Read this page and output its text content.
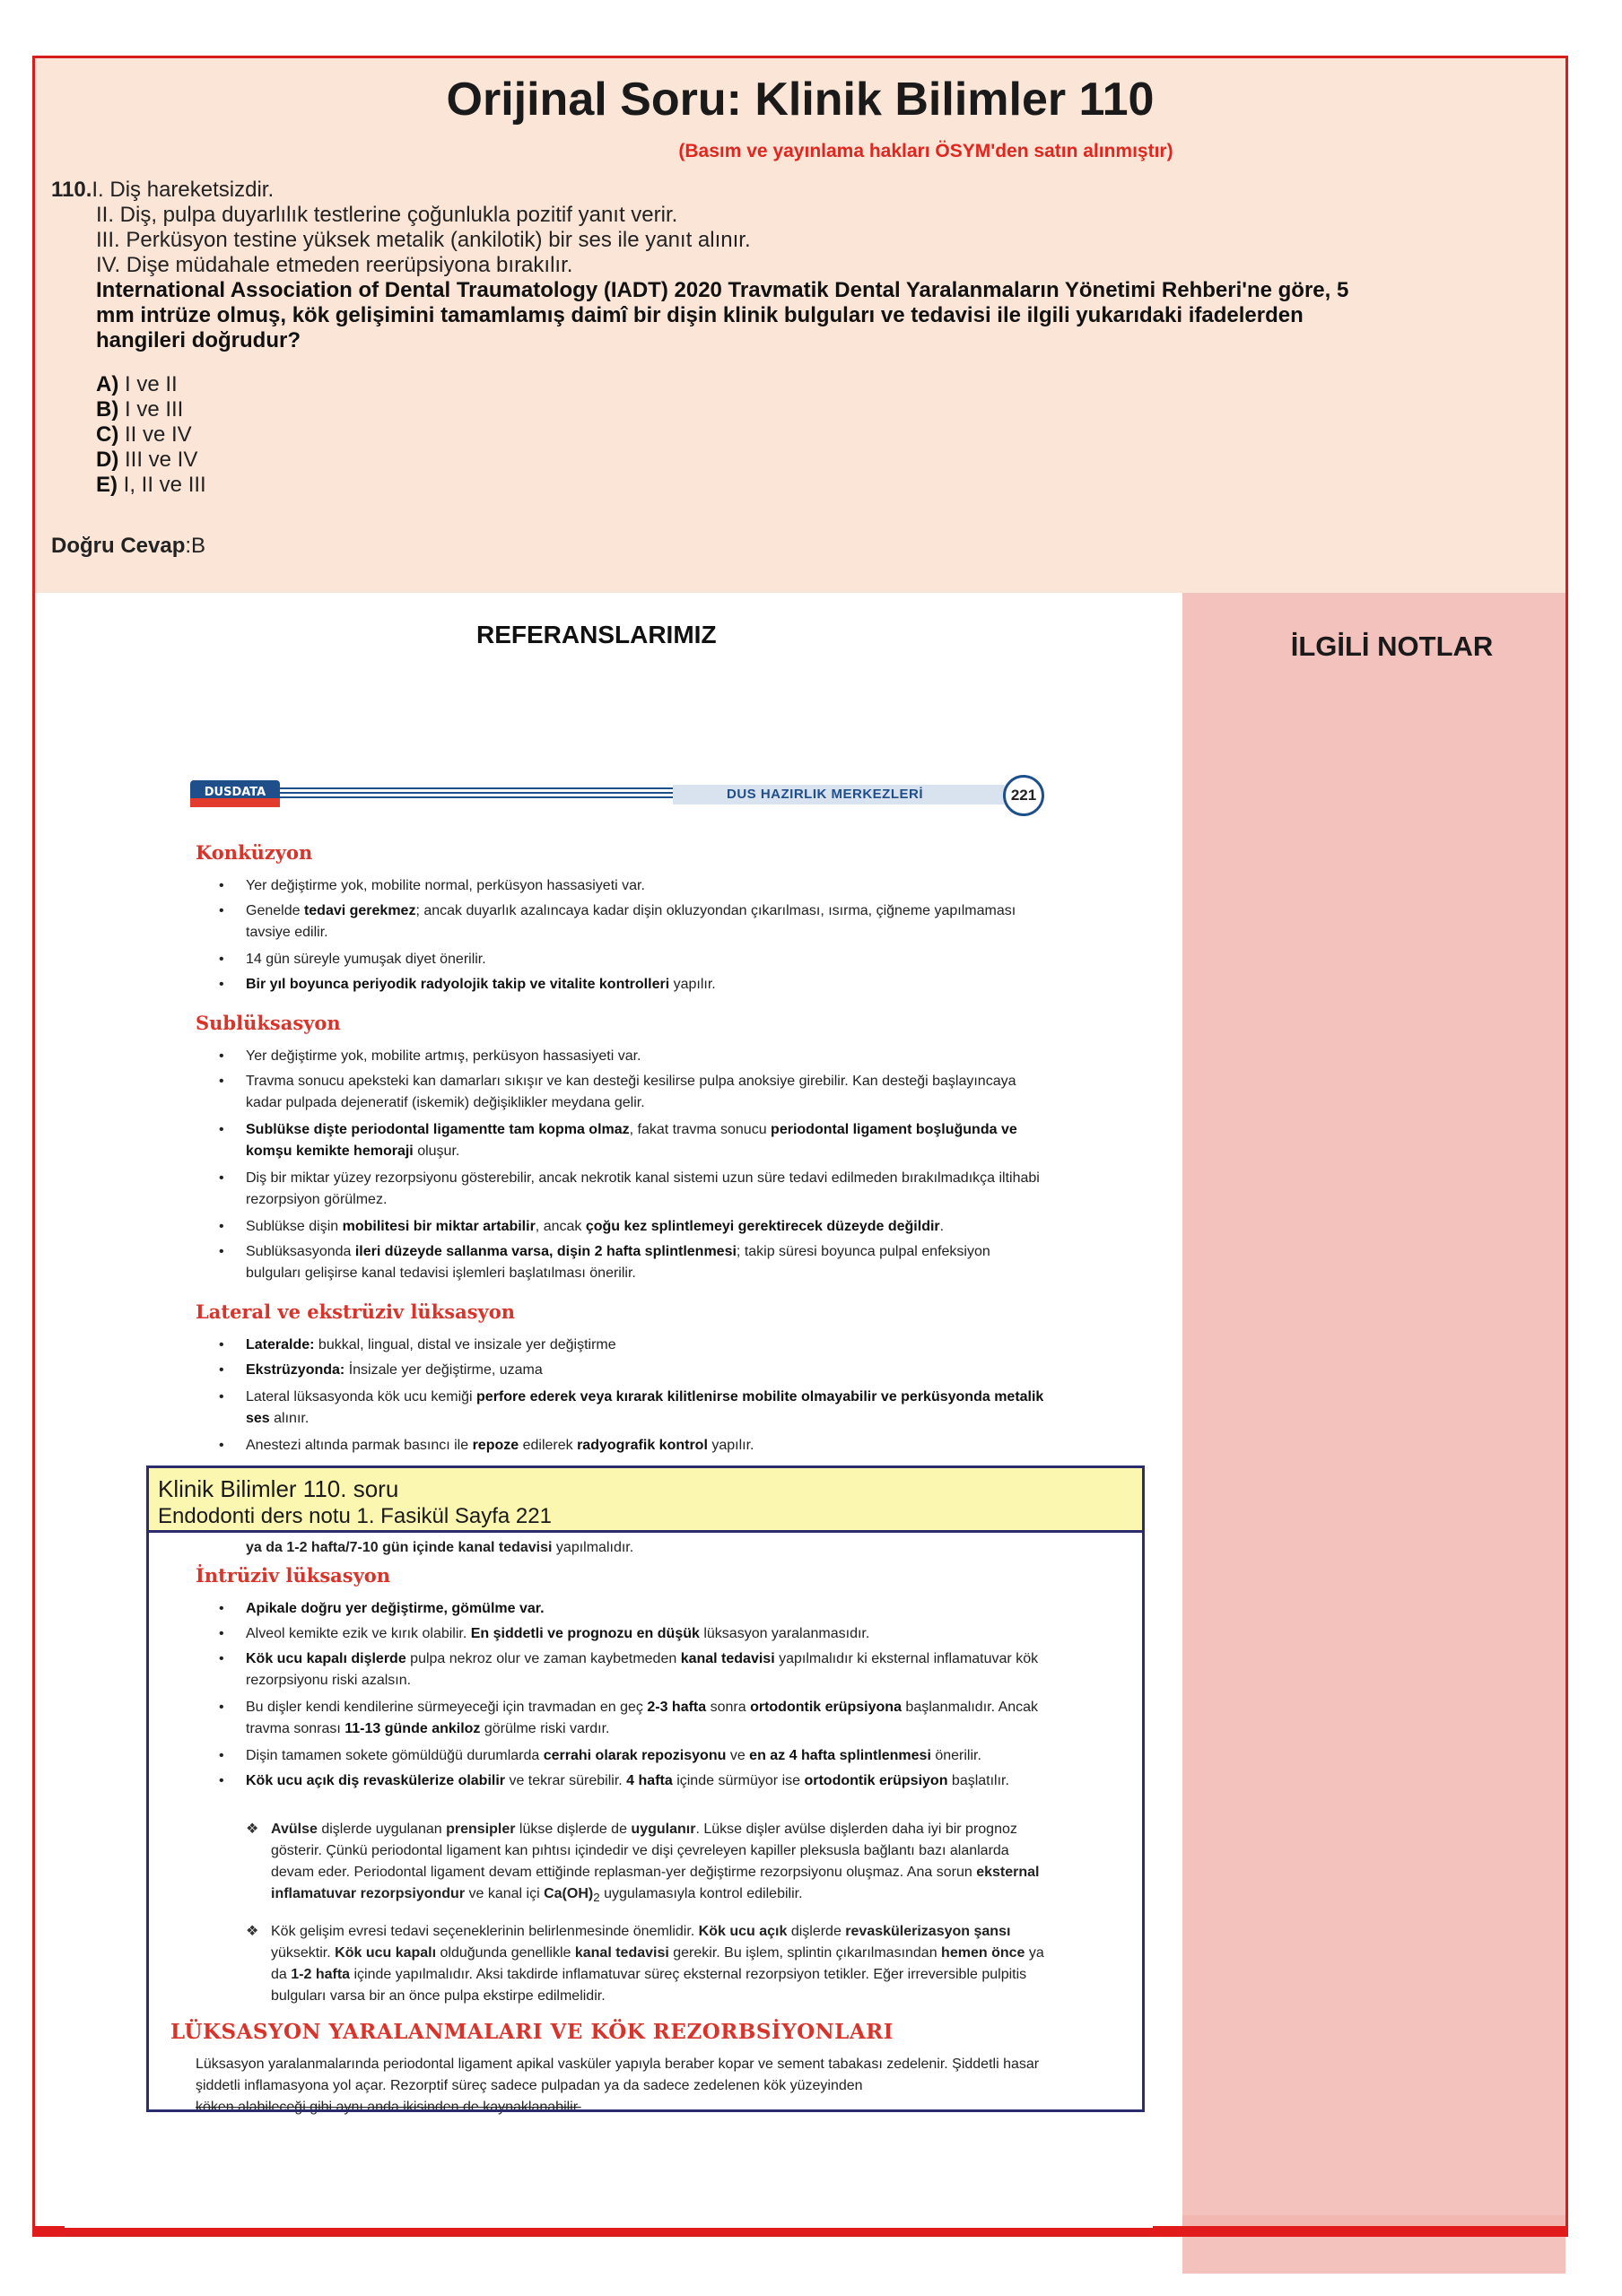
Orijinal Soru: Klinik Bilimler 110
(Basım ve yayınlama hakları ÖSYM'den satın alınmıştır)
110.I. Diş hareketsizdir.
II. Diş, pulpa duyarlılık testlerine çoğunlukla pozitif yanıt verir.
III. Perküsyon testine yüksek metalik (ankilotik) bir ses ile yanıt alınır.
IV. Dişe müdahale etmeden reerüpsiyona bırakılır.
International Association of Dental Traumatology (IADT) 2020 Travmatik Dental Yaralanmaların Yönetimi Rehberi'ne göre, 5
mm intrüze olmuş, kök gelişimini tamamlamış daimî bir dişin klinik bulguları ve tedavisi ile ilgili yukarıdaki ifadelerden
hangileri doğrudur?
A) I ve II
B) I ve III
C) II ve IV
D) III ve IV
E) I, II ve III
Doğru Cevap:B
REFERANSLARIMIZ	İLGİLİ NOTLAR
DUSDATA	DUS HAZIRLIK MERKEZLERİ	221
Konküzyon
• Yer değiştirme yok, mobilite normal, perküsyon hassasiyeti var.
• Genelde tedavi gerekmez; ancak duyarlık azalıncaya kadar dişin okluzyondan çıkarılması, ısırma, çiğneme yapılmaması tavsiye edilir.
• 14 gün süreyle yumuşak diyet önerilir.
• Bir yıl boyunca periyodik radyolojik takip ve vitalite kontrolleri yapılır.
Sublüksasyon
• Yer değiştirme yok, mobilite artmış, perküsyon hassasiyeti var.
• Travma sonucu apeksteki kan damarları sıkışır ve kan desteği kesilirse pulpa anoksiye girebilir. Kan desteği başlayıncaya kadar pulpada dejeneratif (iskemik) değişiklikler meydana gelir.
• Sublükse dişte periodontal ligamentte tam kopma olmaz, fakat travma sonucu periodontal ligament boşluğunda ve komşu kemikte hemoraji oluşur.
• Diş bir miktar yüzey rezorpsiyonu gösterebilir, ancak nekrotik kanal sistemi uzun süre tedavi edilmeden bırakılmadıkça iltihabi rezorpsiyon görülmez.
• Sublükse dişin mobilitesi bir miktar artabilir, ancak çoğu kez splintlemeyi gerektirecek düzeyde değildir.
• Sublüksasyonda ileri düzeyde sallanma varsa, dişin 2 hafta splintlenmesi; takip süresi boyunca pulpal enfeksiyon bulguları gelişirse kanal tedavisi işlemleri başlatılması önerilir.
Lateral ve ekstrüziv lüksasyon
• Lateralde: bukkal, lingual, distal ve insizale yer değiştirme
• Ekstrüzyonda: İnsizale yer değiştirme, uzama
• Lateral lüksasyonda kök ucu kemiği perfore ederek veya kırarak kilitlenirse mobilite olmayabilir ve perküsyonda metalik ses alınır.
• Anestezi altında parmak basıncı ile repoze edilerek radyografik kontrol yapılır.
ya da 1-2 hafta/7-10 gün içinde kanal tedavisi yapılmalıdır.
İntrüziv lüksasyon
• Apikale doğru yer değiştirme, gömülme var.
• Alveol kemikte ezik ve kırık olabilir. En şiddetli ve prognozu en düşük lüksasyon yaralanmasıdır.
• Kök ucu kapalı dişlerde pulpa nekroz olur ve zaman kaybetmeden kanal tedavisi yapılmalıdır ki eksternal inflamatuvar kök rezorpsiyonu riski azalsın.
• Bu dişler kendi kendilerine sürmeyeceği için travmadan en geç 2-3 hafta sonra ortodontik erüpsiyona başlanmalıdır. Ancak travma sonrası 11-13 günde ankiloz görülme riski vardır.
• Dişin tamamen sokete gömüldüğü durumlarda cerrahi olarak repozisyonu ve en az 4 hafta splintlenmesi önerilir.
• Kök ucu açık diş revaskülerize olabilir ve tekrar sürebilir. 4 hafta içinde sürmüyor ise ortodontik erüpsiyon başlatılır.
❖ Avülse dişlerde uygulanan prensipler lükse dişlerde de uygulanır. Lükse dişler avülse dişlerden daha iyi bir prognoz gösterir. Çünkü periodontal ligament kan pıhtısı içindedir ve dişi çevreleyen kapiller pleksusla bağlantı bazı alanlarda devam eder. Periodontal ligament devam ettiğinde replasman-yer değiştirme rezorpsiyonu oluşmaz. Ana sorun eksternal inflamatuvar rezorpsiyondur ve kanal içi $Ca(OH)_2$ uygulamasıyla kontrol edilebilir.
❖ Kök gelişim evresi tedavi seçeneklerinin belirlenmesinde önemlidir. Kök ucu açık dişlerde revaskülerizasyon şansı yüksektir. Kök ucu kapalı olduğunda genellikle kanal tedavisi gerekir. Bu işlem, splintin çıkarılmasından hemen önce ya da 1-2 hafta içinde yapılmalıdır. Aksi takdirde inflamatuvar süreç eksternal rezorpsiyon tetikler. Eğer irreversible pulpitis bulguları varsa bir an önce pulpa ekstirpe edilmelidir.
LÜKSASYON YARALANMALARI VE KÖK REZORBSİYONLARI
Lüksasyon yaralanmalarında periodontal ligament apikal vasküler yapıyla beraber kopar ve sement tabakası zedelenir. Şiddetli hasar şiddetli inflamasyona yol açar. Rezorptif süreç sadece pulpadan ya da sadece zedelenen kök yüzeyinden
köken alabileceği gibi aynı anda ikisinden de kaynaklanabilir.
Klinik Bilimler 110. soru
Endodonti ders notu 1. Fasikül Sayfa 221
